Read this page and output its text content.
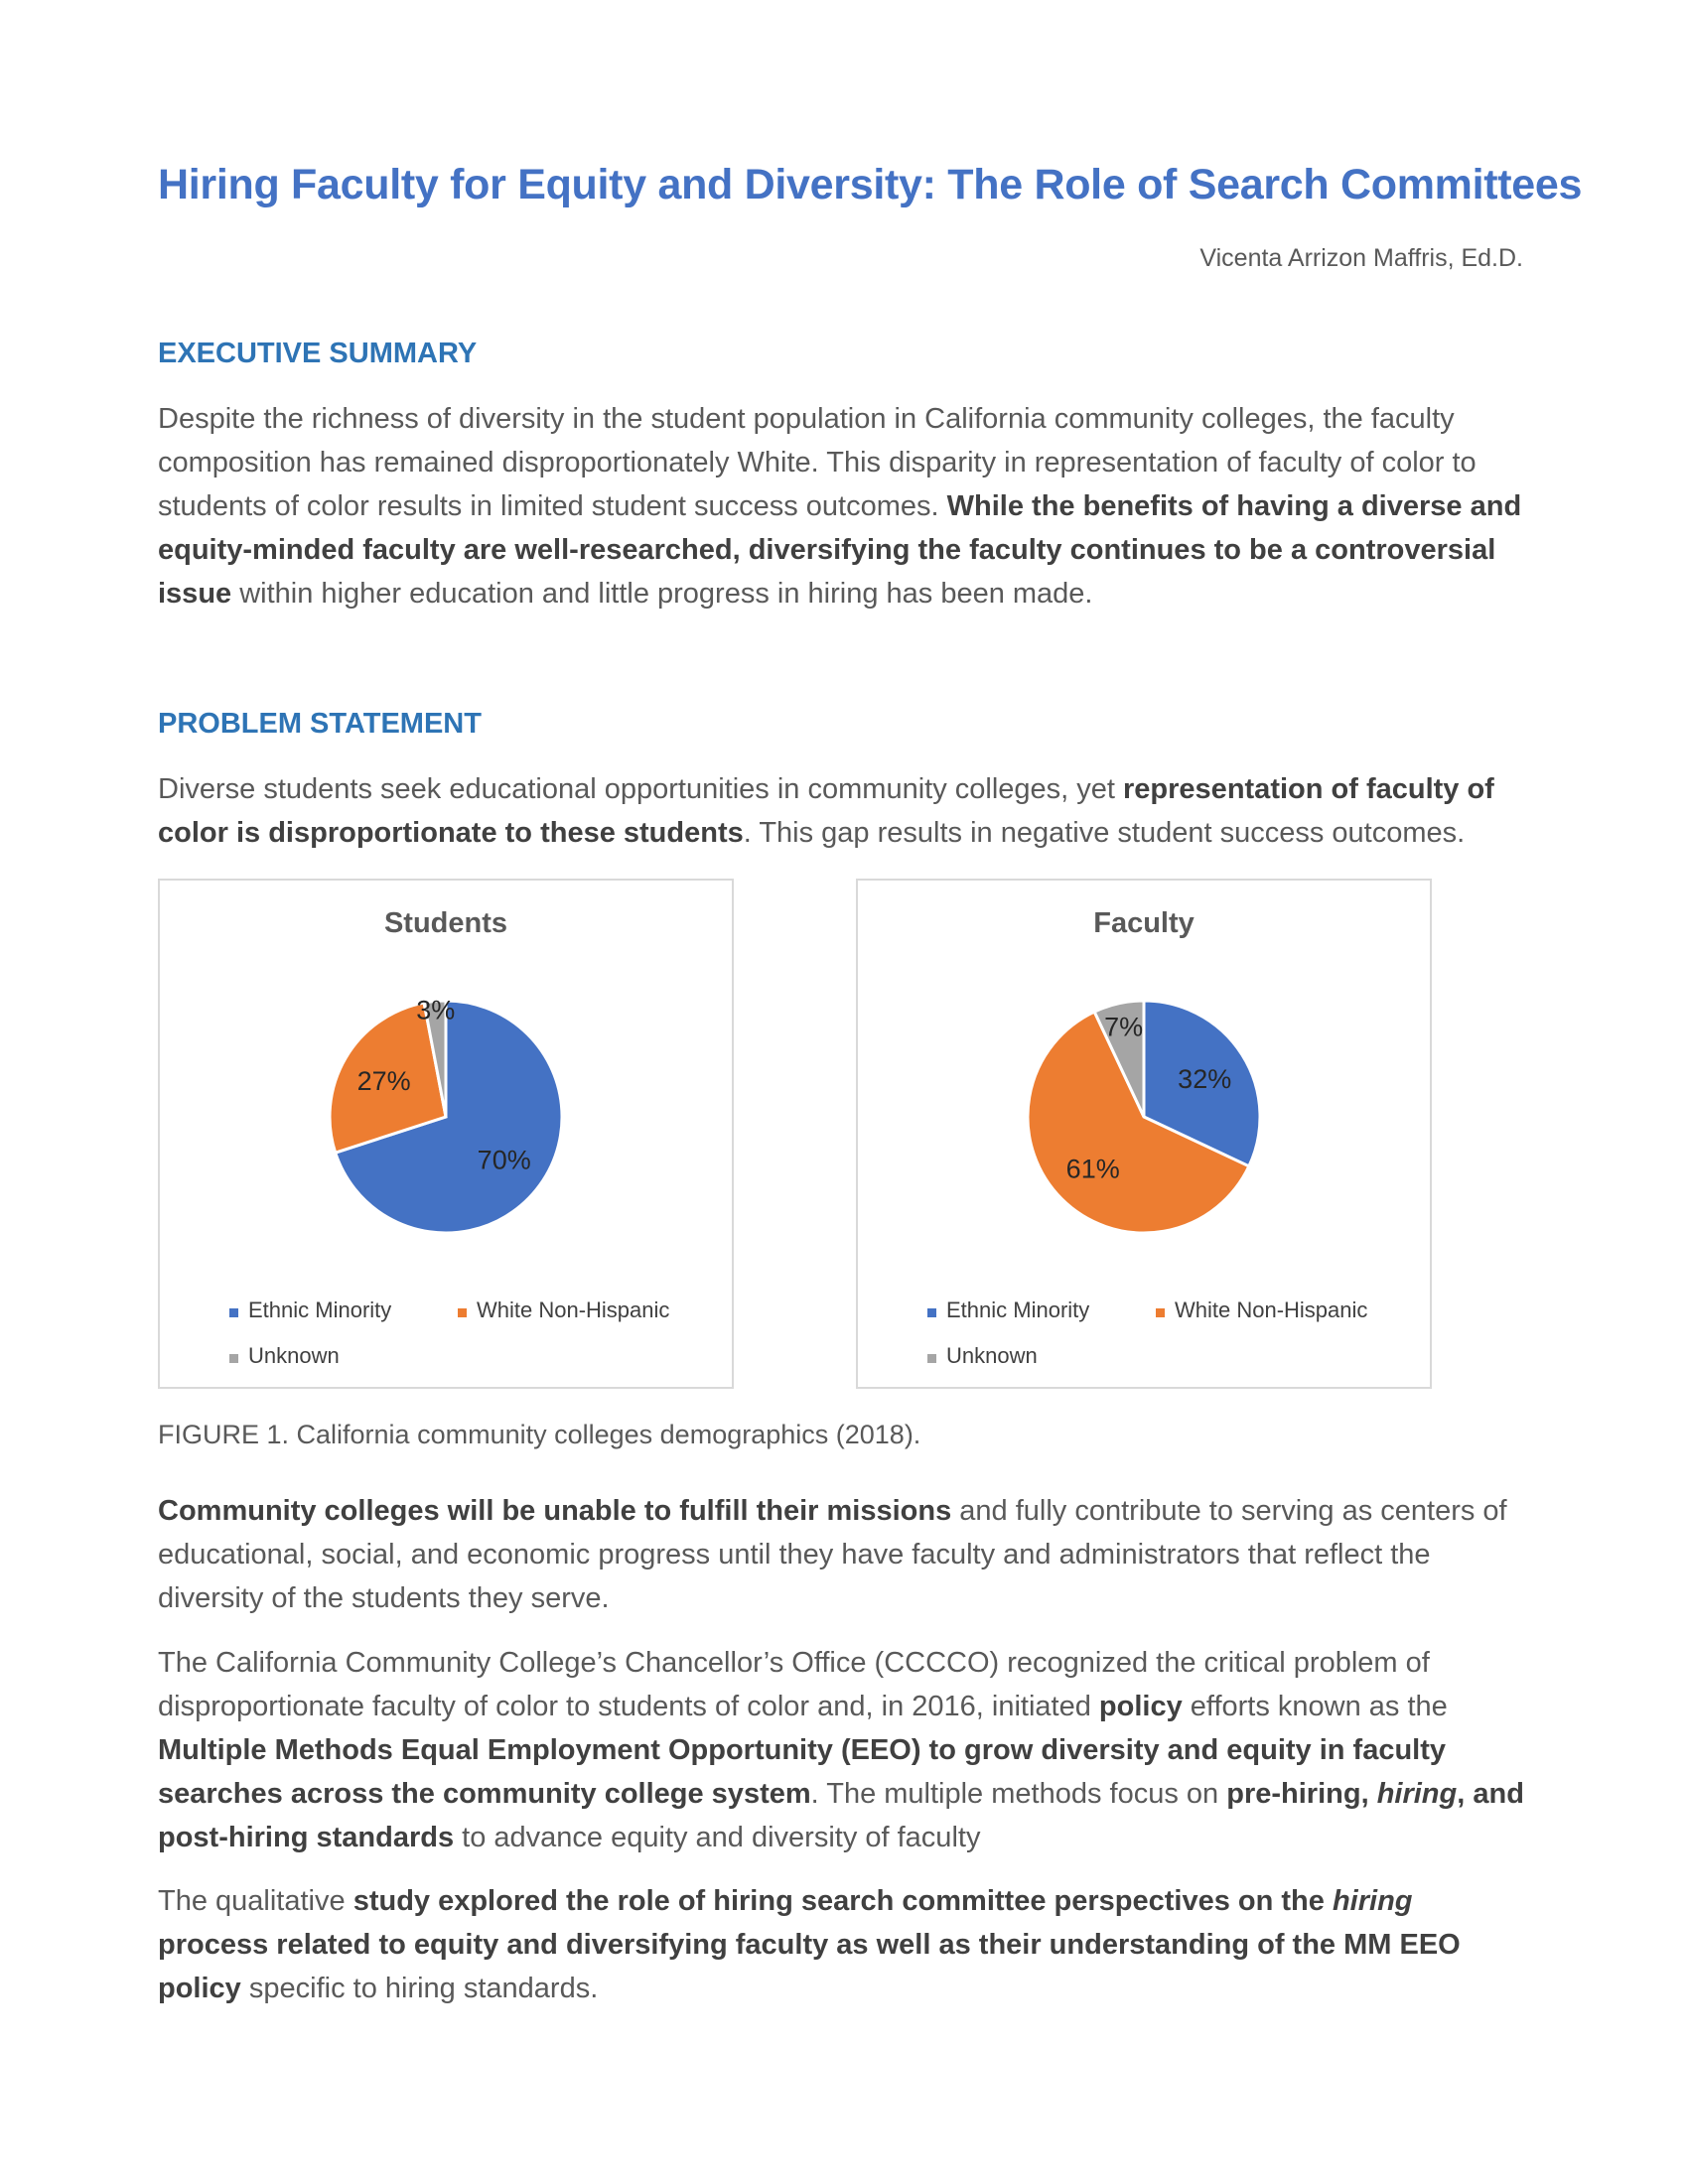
Hiring Faculty for Equity and Diversity: The Role of Search Committees
Vicenta Arrizon Maffris, Ed.D.
EXECUTIVE SUMMARY

Despite the richness of diversity in the student population in California community colleges, the faculty composition has remained disproportionately White. This disparity in representation of faculty of color to students of color results in limited student success outcomes. While the benefits of having a diverse and equity-minded faculty are well-researched, diversifying the faculty continues to be a controversial issue within higher education and little progress in hiring has been made.

PROBLEM STATEMENT

Diverse students seek educational opportunities in community colleges, yet representation of faculty of color is disproportionate to these students. This gap results in negative student success outcomes.

Students
70%
27%
3%
Ethnic Minority	White Non-Hispanic
Unknown
Faculty
32%
61%
7%
Ethnic Minority	White Non-Hispanic
Unknown
FIGURE 1. California community colleges demographics (2018).

Community colleges will be unable to fulfill their missions and fully contribute to serving as centers of educational, social, and economic progress until they have faculty and administrators that reflect the diversity of the students they serve.

The California Community College’s Chancellor’s Office (CCCCO) recognized the critical problem of disproportionate faculty of color to students of color and, in 2016, initiated policy efforts known as the Multiple Methods Equal Employment Opportunity (EEO) to grow diversity and equity in faculty searches across the community college system. The multiple methods focus on pre-hiring, hiring, and post-hiring standards to advance equity and diversity of faculty

The qualitative study explored the role of hiring search committee perspectives on the hiring process related to equity and diversifying faculty as well as their understanding of the MM EEO policy specific to hiring standards.
